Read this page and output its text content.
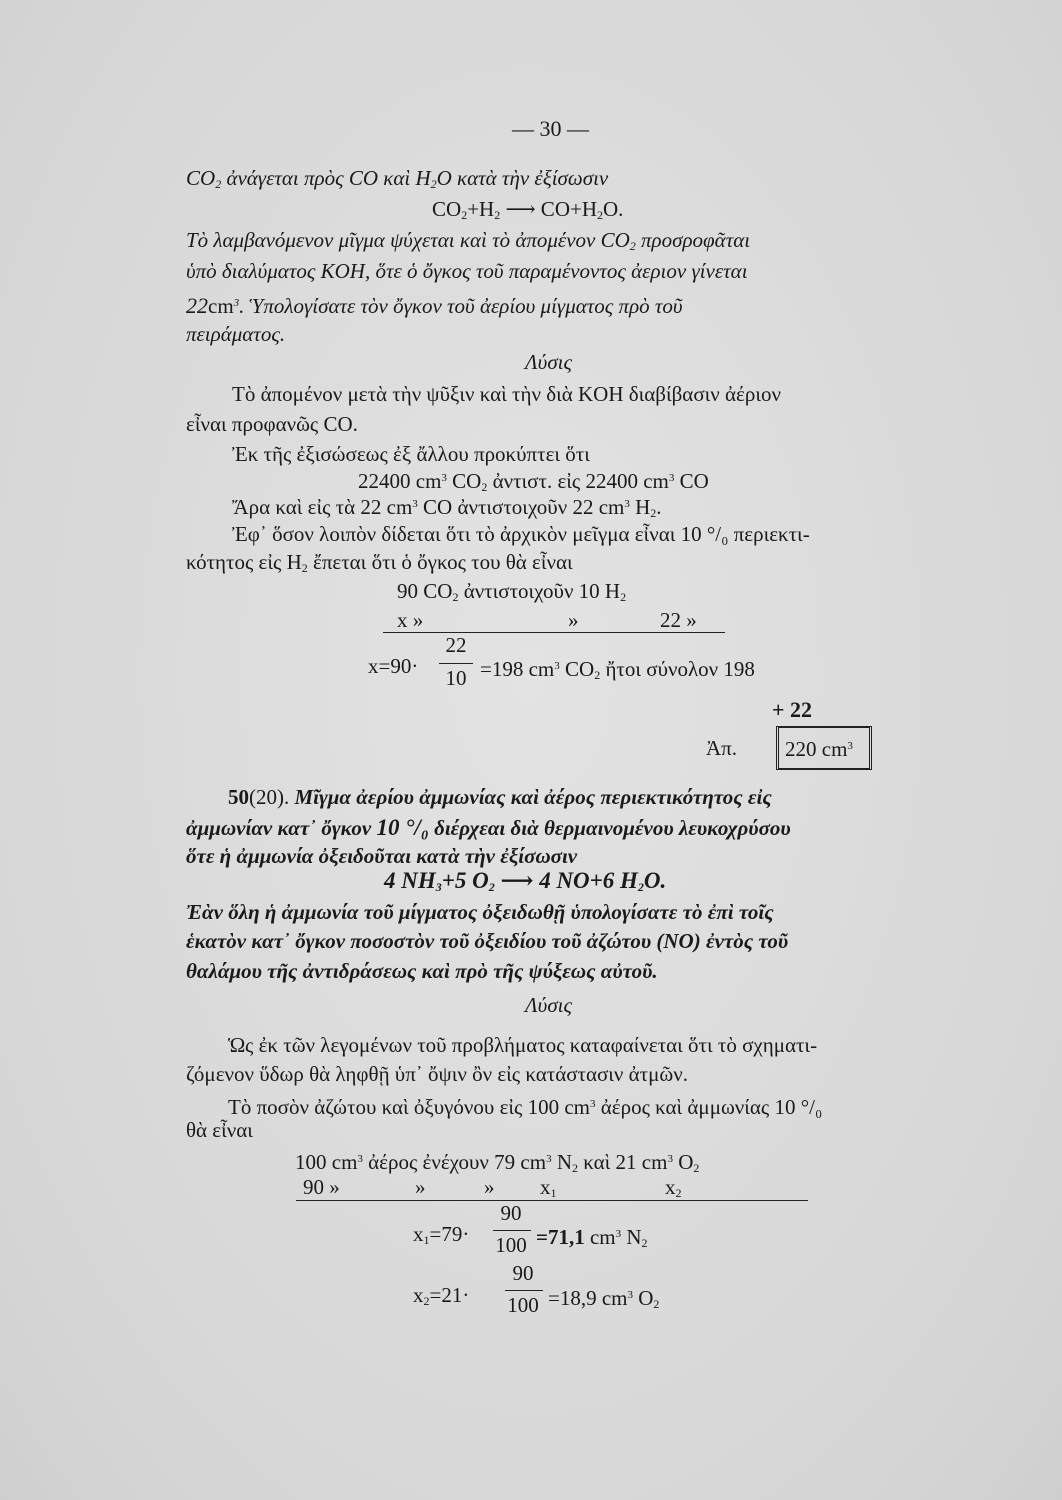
— 30 —
$CO_2$ ἀνάγεται πρὸς CO καὶ $H_2O$ κατὰ τὴν ἐξίσωσιν
$CO_2+H_2$ ⟶ $CO+H_2O$.
Τὸ λαμβανόμενον μῖγμα ψύχεται καὶ τὸ ἀπομένον $CO_2$ προσροφᾶται
ὑπὸ διαλύματος KOH, ὅτε ὁ ὄγκος τοῦ παραμένοντος ἀεριον γίνεται
$22cm^3$. Ὑπολογίσατε τὸν ὄγκον τοῦ ἀερίου μίγματος πρὸ τοῦ
πειράματος.
Λύσις
Τὸ ἀπομένον μετὰ τὴν ψῦξιν καὶ τὴν διὰ KOH διαβίβασιν ἀέριον
εἶναι προφανῶς CO.
Ἐκ τῆς ἐξισώσεως ἐξ ἄλλου προκύπτει ὅτι
22400 $cm^3$ $CO_2$ ἀντιστ. εἰς 22400 $cm^3$ CO
Ἄρα καὶ εἰς τὰ 22 $cm^3$ CO ἀντιστοιχοῦν 22 $cm^3$ $H_2$.
Ἐφ᾽ ὅσον λοιπὸν δίδεται ὅτι τὸ ἀρχικὸν μεῖγμα εἶναι 10 °/₀ περιεκτι-
κότητος εἰς $H_2$ ἔπεται ὅτι ὁ ὄγκος του θὰ εἶναι
90 $CO_2$ ἀντιστοιχοῦν 10 $H_2$
x »	»	22 »
x=90·
22
10 =198 $cm^3$ $CO_2$ ἤτοι σύνολον 198
+ 22
Ἀπ. 220 $cm^3$
50(20). Μῖγμα ἀερίου ἀμμωνίας καὶ ἀέρος περιεκτικότητος εἰς
ἀμμωνίαν κατ᾽ ὄγκον 10 °/₀ διέρχεαι διὰ θερμαινομένου λευκοχρύσου
ὅτε ἡ ἀμμωνία ὀξειδοῦται κατὰ τὴν ἐξίσωσιν
4 $NH_3+5$ $O_2$ ⟶ 4 NO+6 $H_2O$.
Ἐὰν ὅλη ἡ ἀμμωνία τοῦ μίγματος ὀξειδωθῇ ὑπολογίσατε τὸ ἐπὶ τοῖς
ἑκατὸν κατ᾽ ὄγκον ποσοστὸν τοῦ ὀξειδίου τοῦ ἀζώτου (NO) ἐντὸς τοῦ
θαλάμου τῆς ἀντιδράσεως καὶ πρὸ τῆς ψύξεως αὐτοῦ.
Λύσις
Ὡς ἐκ τῶν λεγομένων τοῦ προβλήματος καταφαίνεται ὅτι τὸ σχηματι-
ζόμενον ὕδωρ θὰ ληφθῇ ὑπ᾽ ὄψιν ὂν εἰς κατάστασιν ἀτμῶν.
Τὸ ποσὸν ἀζώτου καὶ ὀξυγόνου εἰς 100 $cm^3$ ἀέρος καὶ ἀμμωνίας 10 °/₀
θὰ εἶναι
100 $cm^3$ ἀέρος ἐνέχουν 79 $cm^3$ $N_2$ καὶ 21 $cm^3$ $O_2$
90 »	»	» $x_1$	$x_2$
$x_1=79\cdot$
90
100 =71,1 $cm^3$ $N_2$
$x_2=21\cdot$
90
100 =18,9 $cm^3$ $O_2$
